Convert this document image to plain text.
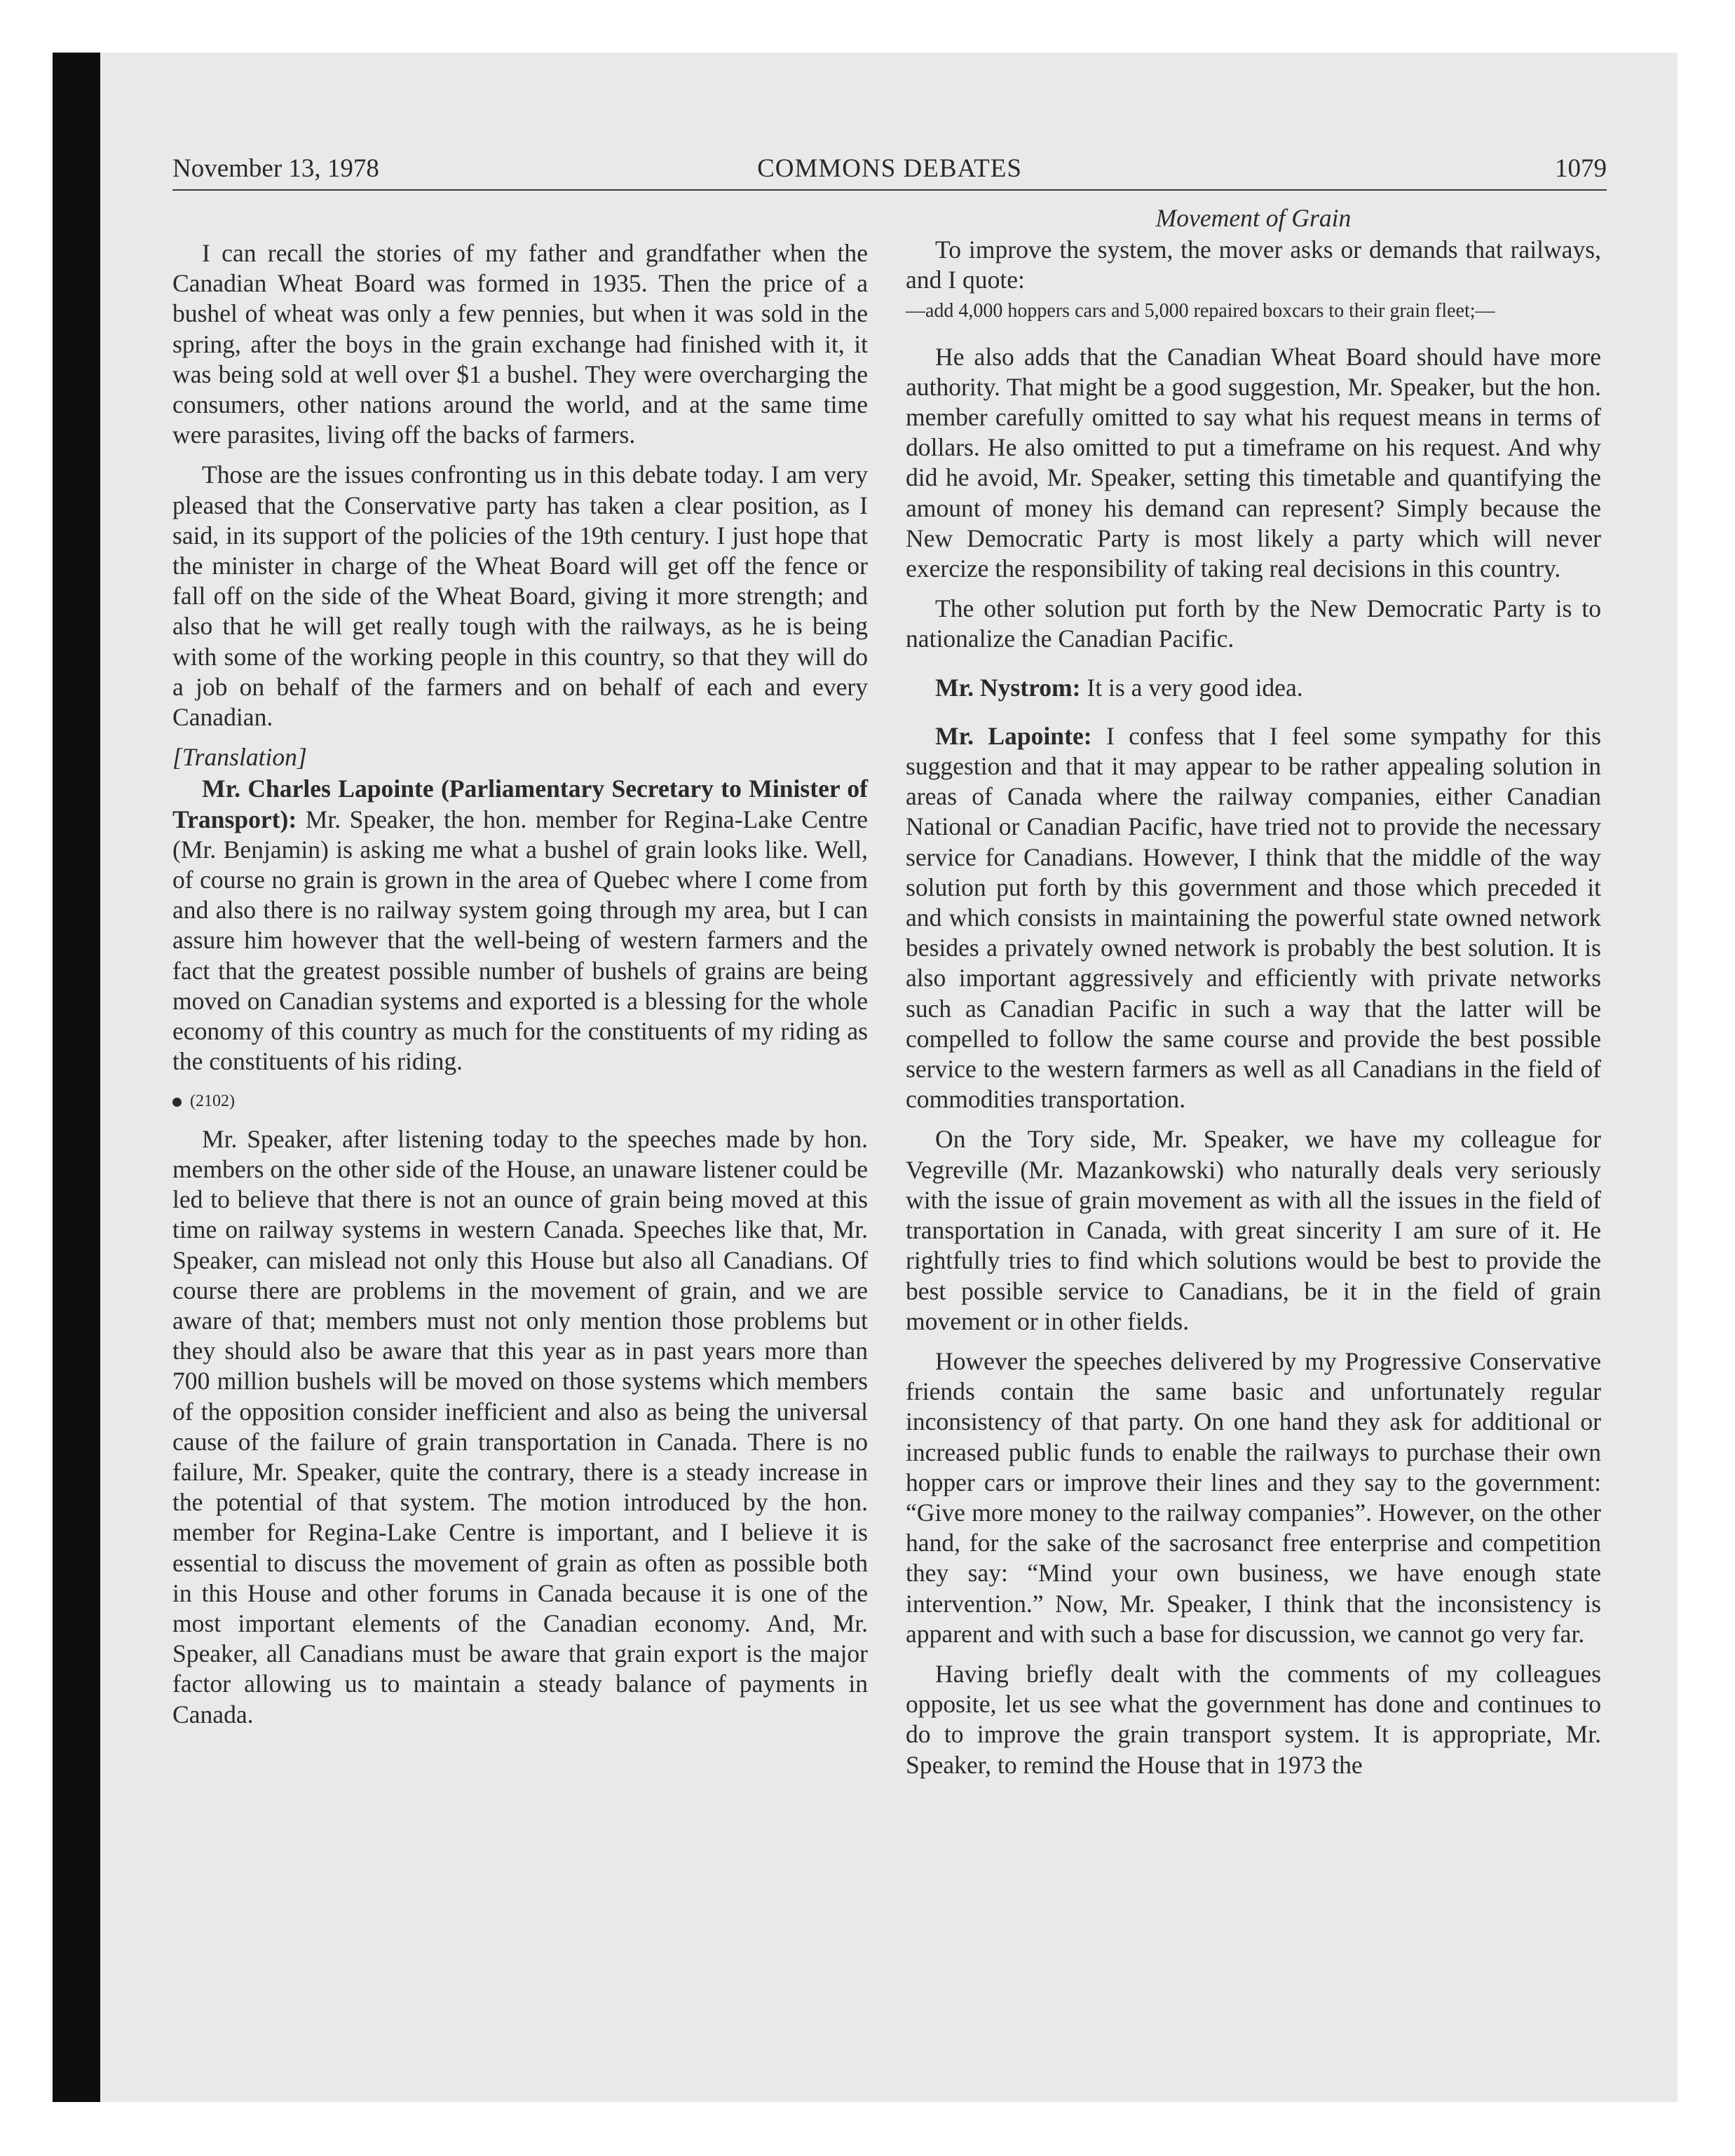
November 13, 1978	COMMONS DEBATES	1079

I can recall the stories of my father and grandfather when the Canadian Wheat Board was formed in 1935. Then the price of a bushel of wheat was only a few pennies, but when it was sold in the spring, after the boys in the grain exchange had finished with it, it was being sold at well over $1 a bushel. They were overcharging the consumers, other nations around the world, and at the same time were parasites, living off the backs of farmers.

Those are the issues confronting us in this debate today. I am very pleased that the Conservative party has taken a clear position, as I said, in its support of the policies of the 19th century. I just hope that the minister in charge of the Wheat Board will get off the fence or fall off on the side of the Wheat Board, giving it more strength; and also that he will get really tough with the railways, as he is being with some of the working people in this country, so that they will do a job on behalf of the farmers and on behalf of each and every Canadian.

[Translation]

Mr. Charles Lapointe (Parliamentary Secretary to Minister of Transport): Mr. Speaker, the hon. member for Regina-Lake Centre (Mr. Benjamin) is asking me what a bushel of grain looks like. Well, of course no grain is grown in the area of Quebec where I come from and also there is no railway system going through my area, but I can assure him however that the well-being of western farmers and the fact that the greatest possible number of bushels of grains are being moved on Canadian systems and exported is a blessing for the whole economy of this country as much for the constituents of my riding as the constituents of his riding.

(2102)

Mr. Speaker, after listening today to the speeches made by hon. members on the other side of the House, an unaware listener could be led to believe that there is not an ounce of grain being moved at this time on railway systems in western Canada. Speeches like that, Mr. Speaker, can mislead not only this House but also all Canadians. Of course there are problems in the movement of grain, and we are aware of that; members must not only mention those problems but they should also be aware that this year as in past years more than 700 million bushels will be moved on those systems which members of the opposition consider inefficient and also as being the universal cause of the failure of grain transportation in Canada. There is no failure, Mr. Speaker, quite the contrary, there is a steady increase in the potential of that system. The motion introduced by the hon. member for Regina-Lake Centre is important, and I believe it is essential to discuss the movement of grain as often as possible both in this House and other forums in Canada because it is one of the most important elements of the Canadian economy. And, Mr. Speaker, all Canadians must be aware that grain export is the major factor allowing us to maintain a steady balance of payments in Canada.

Movement of Grain

To improve the system, the mover asks or demands that railways, and I quote:

—add 4,000 hoppers cars and 5,000 repaired boxcars to their grain fleet;—

He also adds that the Canadian Wheat Board should have more authority. That might be a good suggestion, Mr. Speaker, but the hon. member carefully omitted to say what his request means in terms of dollars. He also omitted to put a timeframe on his request. And why did he avoid, Mr. Speaker, setting this timetable and quantifying the amount of money his demand can represent? Simply because the New Democratic Party is most likely a party which will never exercize the responsibility of taking real decisions in this country.

The other solution put forth by the New Democratic Party is to nationalize the Canadian Pacific.

Mr. Nystrom: It is a very good idea.

Mr. Lapointe: I confess that I feel some sympathy for this suggestion and that it may appear to be rather appealing solution in areas of Canada where the railway companies, either Canadian National or Canadian Pacific, have tried not to provide the necessary service for Canadians. However, I think that the middle of the way solution put forth by this government and those which preceded it and which consists in maintaining the powerful state owned network besides a privately owned network is probably the best solution. It is also important aggressively and efficiently with private networks such as Canadian Pacific in such a way that the latter will be compelled to follow the same course and provide the best possible service to the western farmers as well as all Canadians in the field of commodities transportation.

On the Tory side, Mr. Speaker, we have my colleague for Vegreville (Mr. Mazankowski) who naturally deals very seriously with the issue of grain movement as with all the issues in the field of transportation in Canada, with great sincerity I am sure of it. He rightfully tries to find which solutions would be best to provide the best possible service to Canadians, be it in the field of grain movement or in other fields.

However the speeches delivered by my Progressive Conservative friends contain the same basic and unfortunately regular inconsistency of that party. On one hand they ask for additional or increased public funds to enable the railways to purchase their own hopper cars or improve their lines and they say to the government: “Give more money to the railway companies”. However, on the other hand, for the sake of the sacrosanct free enterprise and competition they say: “Mind your own business, we have enough state intervention.” Now, Mr. Speaker, I think that the inconsistency is apparent and with such a base for discussion, we cannot go very far.

Having briefly dealt with the comments of my colleagues opposite, let us see what the government has done and continues to do to improve the grain transport system. It is appropriate, Mr. Speaker, to remind the House that in 1973 the
